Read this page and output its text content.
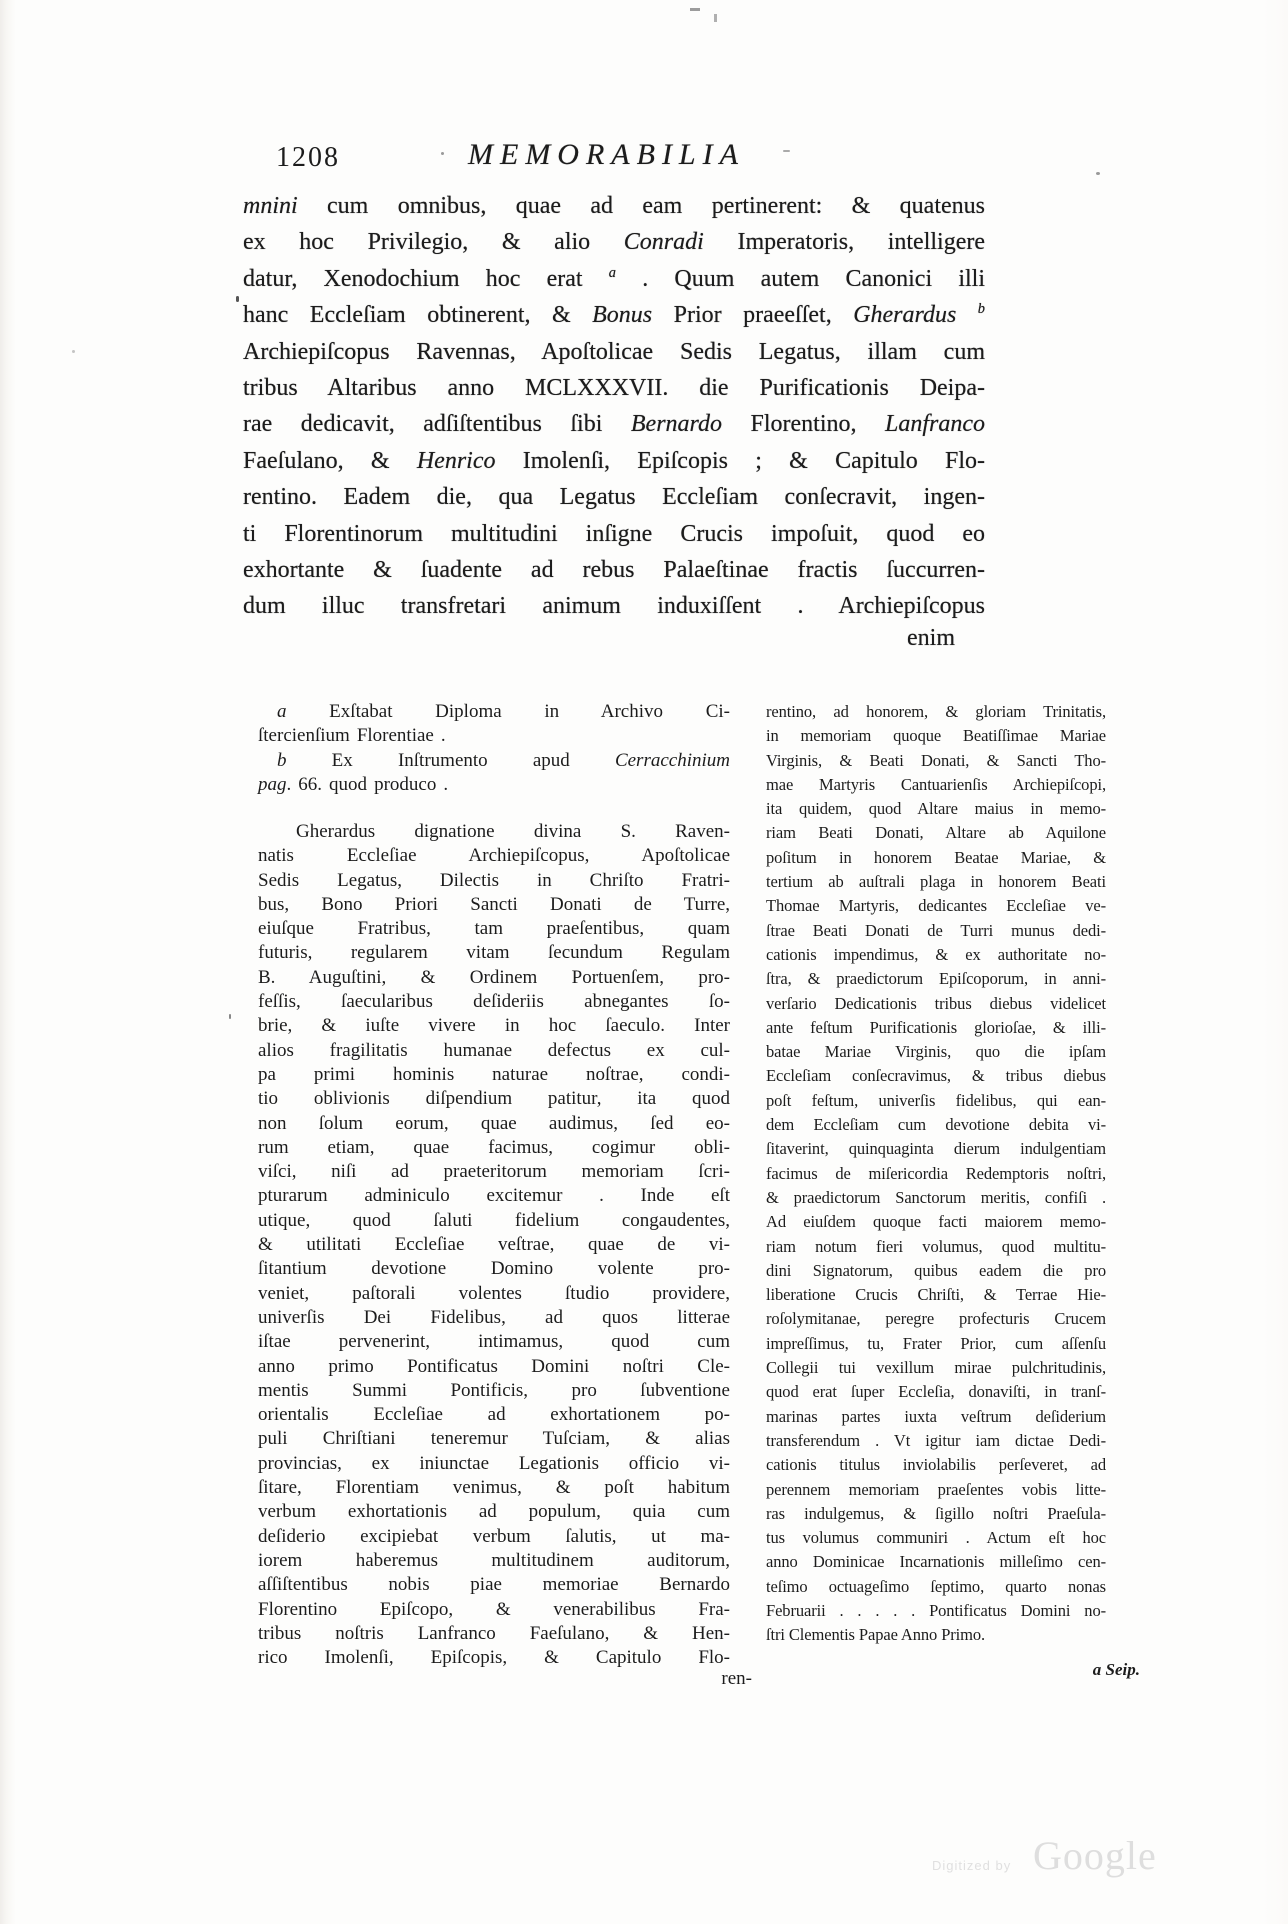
1208	MEMORABILIA
mnini cum omnibus, quae ad eam pertinerent: & quatenus
ex hoc Privilegio, & alio Conradi Imperatoris, intelligere
datur, Xenodochium hoc erat $^a$ . Quum autem Canonici illi
hanc Eccleſiam obtinerent, & Bonus Prior praeeſſet, Gherardus $^b$
Archiepiſcopus Ravennas, Apoſtolicae Sedis Legatus, illam cum
tribus Altaribus anno MCLXXXVII. die Purificationis Deipa-
rae dedicavit, adſiſtentibus ſibi Bernardo Florentino, Lanfranco
Faeſulano, & Henrico Imolenſi, Epiſcopis ; & Capitulo Flo-
rentino. Eadem die, qua Legatus Eccleſiam conſecravit, ingen-
ti Florentinorum multitudini inſigne Crucis impoſuit, quod eo
exhortante & ſuadente ad rebus Palaeſtinae fractis ſuccurren-
dum illuc transfretari animum induxiſſent . Archiepiſcopus
enim
 a Exſtabat Diploma in Archivo Ci-
ſtercienſium Florentiae .
 b Ex Inſtrumento apud Cerracchinium
pag. 66. quod produco .
  Gherardus dignatione divina S. Raven-
natis Eccleſiae Archiepiſcopus, Apoſtolicae
Sedis Legatus, Dilectis in Chriſto Fratri-
bus, Bono Priori Sancti Donati de Turre,
eiuſque Fratribus, tam praeſentibus, quam
futuris, regularem vitam ſecundum Regulam
B. Auguſtini, & Ordinem Portuenſem, pro-
feſſis, ſaecularibus deſideriis abnegantes ſo-
brie, & iuſte vivere in hoc ſaeculo. Inter
alios fragilitatis humanae defectus ex cul-
pa primi hominis naturae noſtrae, condi-
tio oblivionis diſpendium patitur, ita quod
non ſolum eorum, quae audimus, ſed eo-
rum etiam, quae facimus, cogimur obli-
viſci, niſi ad praeteritorum memoriam ſcri-
pturarum adminiculo excitemur . Inde eſt
utique, quod ſaluti fidelium congaudentes,
& utilitati Eccleſiae veſtrae, quae de vi-
ſitantium devotione Domino volente pro-
veniet, paſtorali volentes ſtudio providere,
univerſis Dei Fidelibus, ad quos litterae
iſtae pervenerint, intimamus, quod cum
anno primo Pontificatus Domini noſtri Cle-
mentis Summi Pontificis, pro ſubventione
orientalis Eccleſiae ad exhortationem po-
puli Chriſtiani teneremur Tuſciam, & alias
provincias, ex iniunctae Legationis officio vi-
ſitare, Florentiam venimus, & poſt habitum
verbum exhortationis ad populum, quia cum
deſiderio excipiebat verbum ſalutis, ut ma-
iorem haberemus multitudinem auditorum,
aſſiſtentibus nobis piae memoriae Bernardo
Florentino Epiſcopo, & venerabilibus Fra-
tribus noſtris Lanfranco Faeſulano, & Hen-
rico Imolenſi, Epiſcopis, & Capitulo Flo-
ren-
rentino, ad honorem, & gloriam Trinitatis,
in memoriam quoque Beatiſſimae Mariae
Virginis, & Beati Donati, & Sancti Tho-
mae Martyris Cantuarienſis Archiepiſcopi,
ita quidem, quod Altare maius in memo-
riam Beati Donati, Altare ab Aquilone
poſitum in honorem Beatae Mariae, &
tertium ab auſtrali plaga in honorem Beati
Thomae Martyris, dedicantes Eccleſiae ve-
ſtrae Beati Donati de Turri munus dedi-
cationis impendimus, & ex authoritate no-
ſtra, & praedictorum Epiſcoporum, in anni-
verſario Dedicationis tribus diebus videlicet
ante feſtum Purificationis glorioſae, & illi-
batae Mariae Virginis, quo die ipſam
Eccleſiam conſecravimus, & tribus diebus
poſt feſtum, univerſis fidelibus, qui ean-
dem Eccleſiam cum devotione debita vi-
ſitaverint, quinquaginta dierum indulgentiam
facimus de miſericordia Redemptoris noſtri,
& praedictorum Sanctorum meritis, confiſi .
Ad eiuſdem quoque facti maiorem memo-
riam notum fieri volumus, quod multitu-
dini Signatorum, quibus eadem die pro
liberatione Crucis Chriſti, & Terrae Hie-
roſolymitanae, peregre profecturis Crucem
impreſſimus, tu, Frater Prior, cum aſſenſu
Collegii tui vexillum mirae pulchritudinis,
quod erat ſuper Eccleſia, donaviſti, in tranſ-
marinas partes iuxta veſtrum deſiderium
transferendum . Vt igitur iam dictae Dedi-
cationis titulus inviolabilis perſeveret, ad
perennem memoriam praeſentes vobis litte-
ras indulgemus, & ſigillo noſtri Praeſula-
tus volumus communiri . Actum eſt hoc
anno Dominicae Incarnationis milleſimo cen-
teſimo octuageſimo ſeptimo, quarto nonas
Februarii . . . . . Pontificatus Domini no-
ſtri Clementis Papae Anno Primo.
a Seip.
Digitized by Google
